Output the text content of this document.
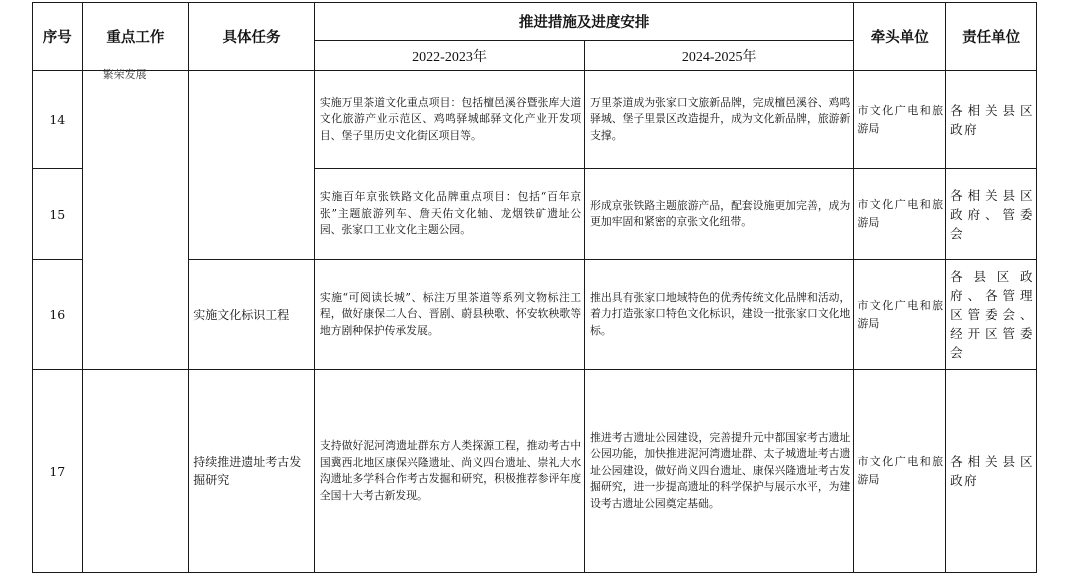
序号	重点工作	具体任务	推进措施及进度安排		牵头单位	责任单位
			2022-2023年	2024-2025年		
14	繁荣发展		实施万里茶道文化重点项目：包括檀邑溪谷暨张库大道文化旅游产业示范区、鸡鸣驿城邮驿文化产业开发项目、堡子里历史文化街区项目等。	万里茶道成为张家口文旅新品牌，完成檀邑溪谷、鸡鸣驿城、堡子里景区改造提升，成为文化新品牌，旅游新支撑。	市文化广电和旅游局	各相关县区政府
15			实施百年京张铁路文化品牌重点项目：包括“百年京张”主题旅游列车、詹天佑文化轴、龙烟铁矿遗址公园、张家口工业文化主题公园。	形成京张铁路主题旅游产品，配套设施更加完善，成为更加牢固和紧密的京张文化纽带。	市文化广电和旅游局	各相关县区政府、管委会
16		实施文化标识工程	实施“可阅读长城”、标注万里茶道等系列文物标注工程，做好康保二人台、晋剧、蔚县秧歌、怀安软秧歌等地方剧种保护传承发展。	推出具有张家口地域特色的优秀传统文化品牌和活动，着力打造张家口特色文化标识，建设一批张家口文化地标。	市文化广电和旅游局	各县区政府、各管理区管委会、经开区管委会
17		持续推进遗址考古发掘研究	支持做好泥河湾遗址群东方人类探源工程，推动考古中国冀西北地区康保兴隆遗址、尚义四台遗址、崇礼大水沟遗址多学科合作考古发掘和研究，积极推荐参评年度全国十大考古新发现。	推进考古遗址公园建设，完善提升元中都国家考古遗址公园功能，加快推进泥河湾遗址群、太子城遗址考古遗址公园建设，做好尚义四台遗址、康保兴隆遗址考古发掘研究，进一步提高遗址的科学保护与展示水平，为建设考古遗址公园奠定基础。	市文化广电和旅游局	各相关县区政府
